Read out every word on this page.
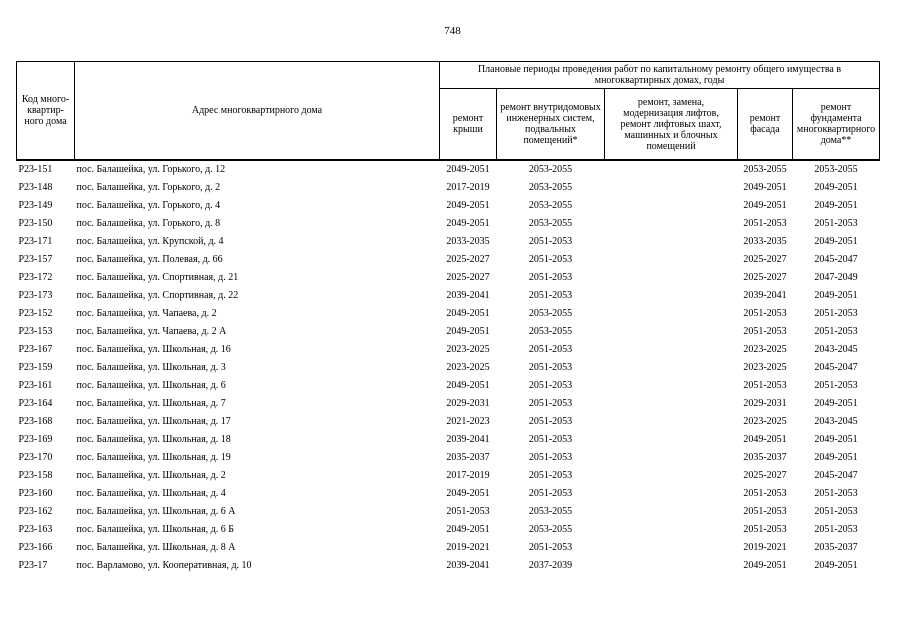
748
Код много-квартир-ного дома	Адрес многоквартирного дома	Плановые периоды проведения работ по капитальному ремонту общего имущества в многоквартирных домах, годы				
		ремонт крыши	ремонт внутридомовых инженерных систем, подвальных помещений*	ремонт, замена, модернизация лифтов, ремонт лифтовых шахт, машинных и блочных помещений	ремонт фасада	ремонт фундамента многоквартирного дома**
Р23-151	пос. Балашейка, ул. Горького, д. 12	2049-2051	2053-2055		2053-2055	2053-2055
Р23-148	пос. Балашейка, ул. Горького, д. 2	2017-2019	2053-2055		2049-2051	2049-2051
Р23-149	пос. Балашейка, ул. Горького, д. 4	2049-2051	2053-2055		2049-2051	2049-2051
Р23-150	пос. Балашейка, ул. Горького, д. 8	2049-2051	2053-2055		2051-2053	2051-2053
Р23-171	пос. Балашейка, ул. Крупской, д. 4	2033-2035	2051-2053		2033-2035	2049-2051
Р23-157	пос. Балашейка, ул. Полевая, д. 66	2025-2027	2051-2053		2025-2027	2045-2047
Р23-172	пос. Балашейка, ул. Спортивная, д. 21	2025-2027	2051-2053		2025-2027	2047-2049
Р23-173	пос. Балашейка, ул. Спортивная, д. 22	2039-2041	2051-2053		2039-2041	2049-2051
Р23-152	пос. Балашейка, ул. Чапаева, д. 2	2049-2051	2053-2055		2051-2053	2051-2053
Р23-153	пос. Балашейка, ул. Чапаева, д. 2 А	2049-2051	2053-2055		2051-2053	2051-2053
Р23-167	пос. Балашейка, ул. Школьная, д. 16	2023-2025	2051-2053		2023-2025	2043-2045
Р23-159	пос. Балашейка, ул. Школьная, д. 3	2023-2025	2051-2053		2023-2025	2045-2047
Р23-161	пос. Балашейка, ул. Школьная, д. 6	2049-2051	2051-2053		2051-2053	2051-2053
Р23-164	пос. Балашейка, ул. Школьная, д. 7	2029-2031	2051-2053		2029-2031	2049-2051
Р23-168	пос. Балашейка, ул. Школьная, д. 17	2021-2023	2051-2053		2023-2025	2043-2045
Р23-169	пос. Балашейка, ул. Школьная, д. 18	2039-2041	2051-2053		2049-2051	2049-2051
Р23-170	пос. Балашейка, ул. Школьная, д. 19	2035-2037	2051-2053		2035-2037	2049-2051
Р23-158	пос. Балашейка, ул. Школьная, д. 2	2017-2019	2051-2053		2025-2027	2045-2047
Р23-160	пос. Балашейка, ул. Школьная, д. 4	2049-2051	2051-2053		2051-2053	2051-2053
Р23-162	пос. Балашейка, ул. Школьная, д. 6 А	2051-2053	2053-2055		2051-2053	2051-2053
Р23-163	пос. Балашейка, ул. Школьная, д. 6 Б	2049-2051	2053-2055		2051-2053	2051-2053
Р23-166	пос. Балашейка, ул. Школьная, д. 8 А	2019-2021	2051-2053		2019-2021	2035-2037
Р23-17	пос. Варламово, ул. Кооперативная, д. 10	2039-2041	2037-2039		2049-2051	2049-2051
